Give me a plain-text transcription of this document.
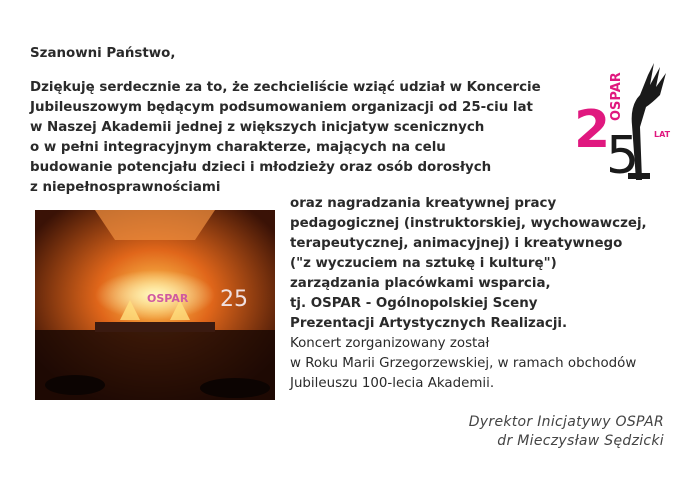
Szanowni Państwo,
Dziękuję serdecznie za to, że zechcieliście wziąć udział w Koncercie
Jubileuszowym będącym podsumowaniem organizacji od 25-ciu lat
w Naszej Akademii jednej z większych inicjatyw scenicznych
o w pełni integracyjnym charakterze, mających na celu
budowanie potencjału dzieci i młodzieży oraz osób dorosłych
z niepełnosprawnościami
oraz nagradzania kreatywnej pracy
pedagogicznej (instruktorskiej, wychowawczej,
terapeutycznej, animacyjnej) i kreatywnego
("z wyczuciem na sztukę i kulturę")
zarządzania placówkami wsparcia,
tj. OSPAR - Ogólnopolskiej Sceny
Prezentacji Artystycznych Realizacji.
Koncert zorganizowany został
w Roku Marii Grzegorzewskiej, w ramach obchodów
Jubileuszu 100-lecia Akademii.
OSPAR 25
2
5
OSPAR
LAT
Dyrektor Inicjatywy OSPAR
dr Mieczysław Sędzicki
